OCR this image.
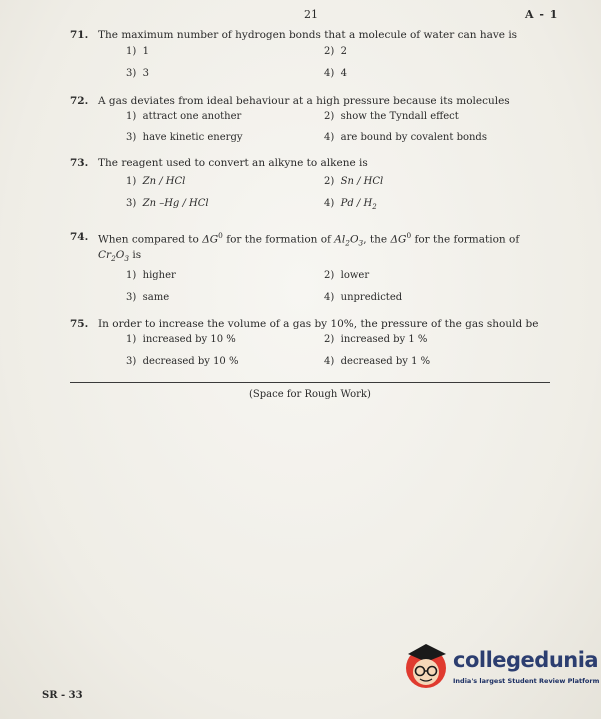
21	A - 1
71. The maximum number of hydrogen bonds that a molecule of water can have is
1) 1	2) 2
3) 3	4) 4
72. A gas deviates from ideal behaviour at a high pressure because its molecules
1) attract one another	2) show the Tyndall effect
3) have kinetic energy	4) are bound by covalent bonds
73. The reagent used to convert an alkyne to alkene is
1) Zn / HCl	2) Sn / HCl
3) Zn –Hg / HCl	4) Pd / $H_2$
74. When compared to $\Delta G^0$ for the formation of $Al_2O_3$, the $\Delta G^0$ for the formation of
$Cr_2O_3$ is
1) higher	2) lower
3) same	4) unpredicted
75. In order to increase the volume of a gas by 10%, the pressure of the gas should be
1) increased by 10 %	2) increased by 1 %
3) decreased by 10 %	4) decreased by 1 %
(Space for Rough Work)
SR - 33
collegedunia
India's largest Student Review Platform
